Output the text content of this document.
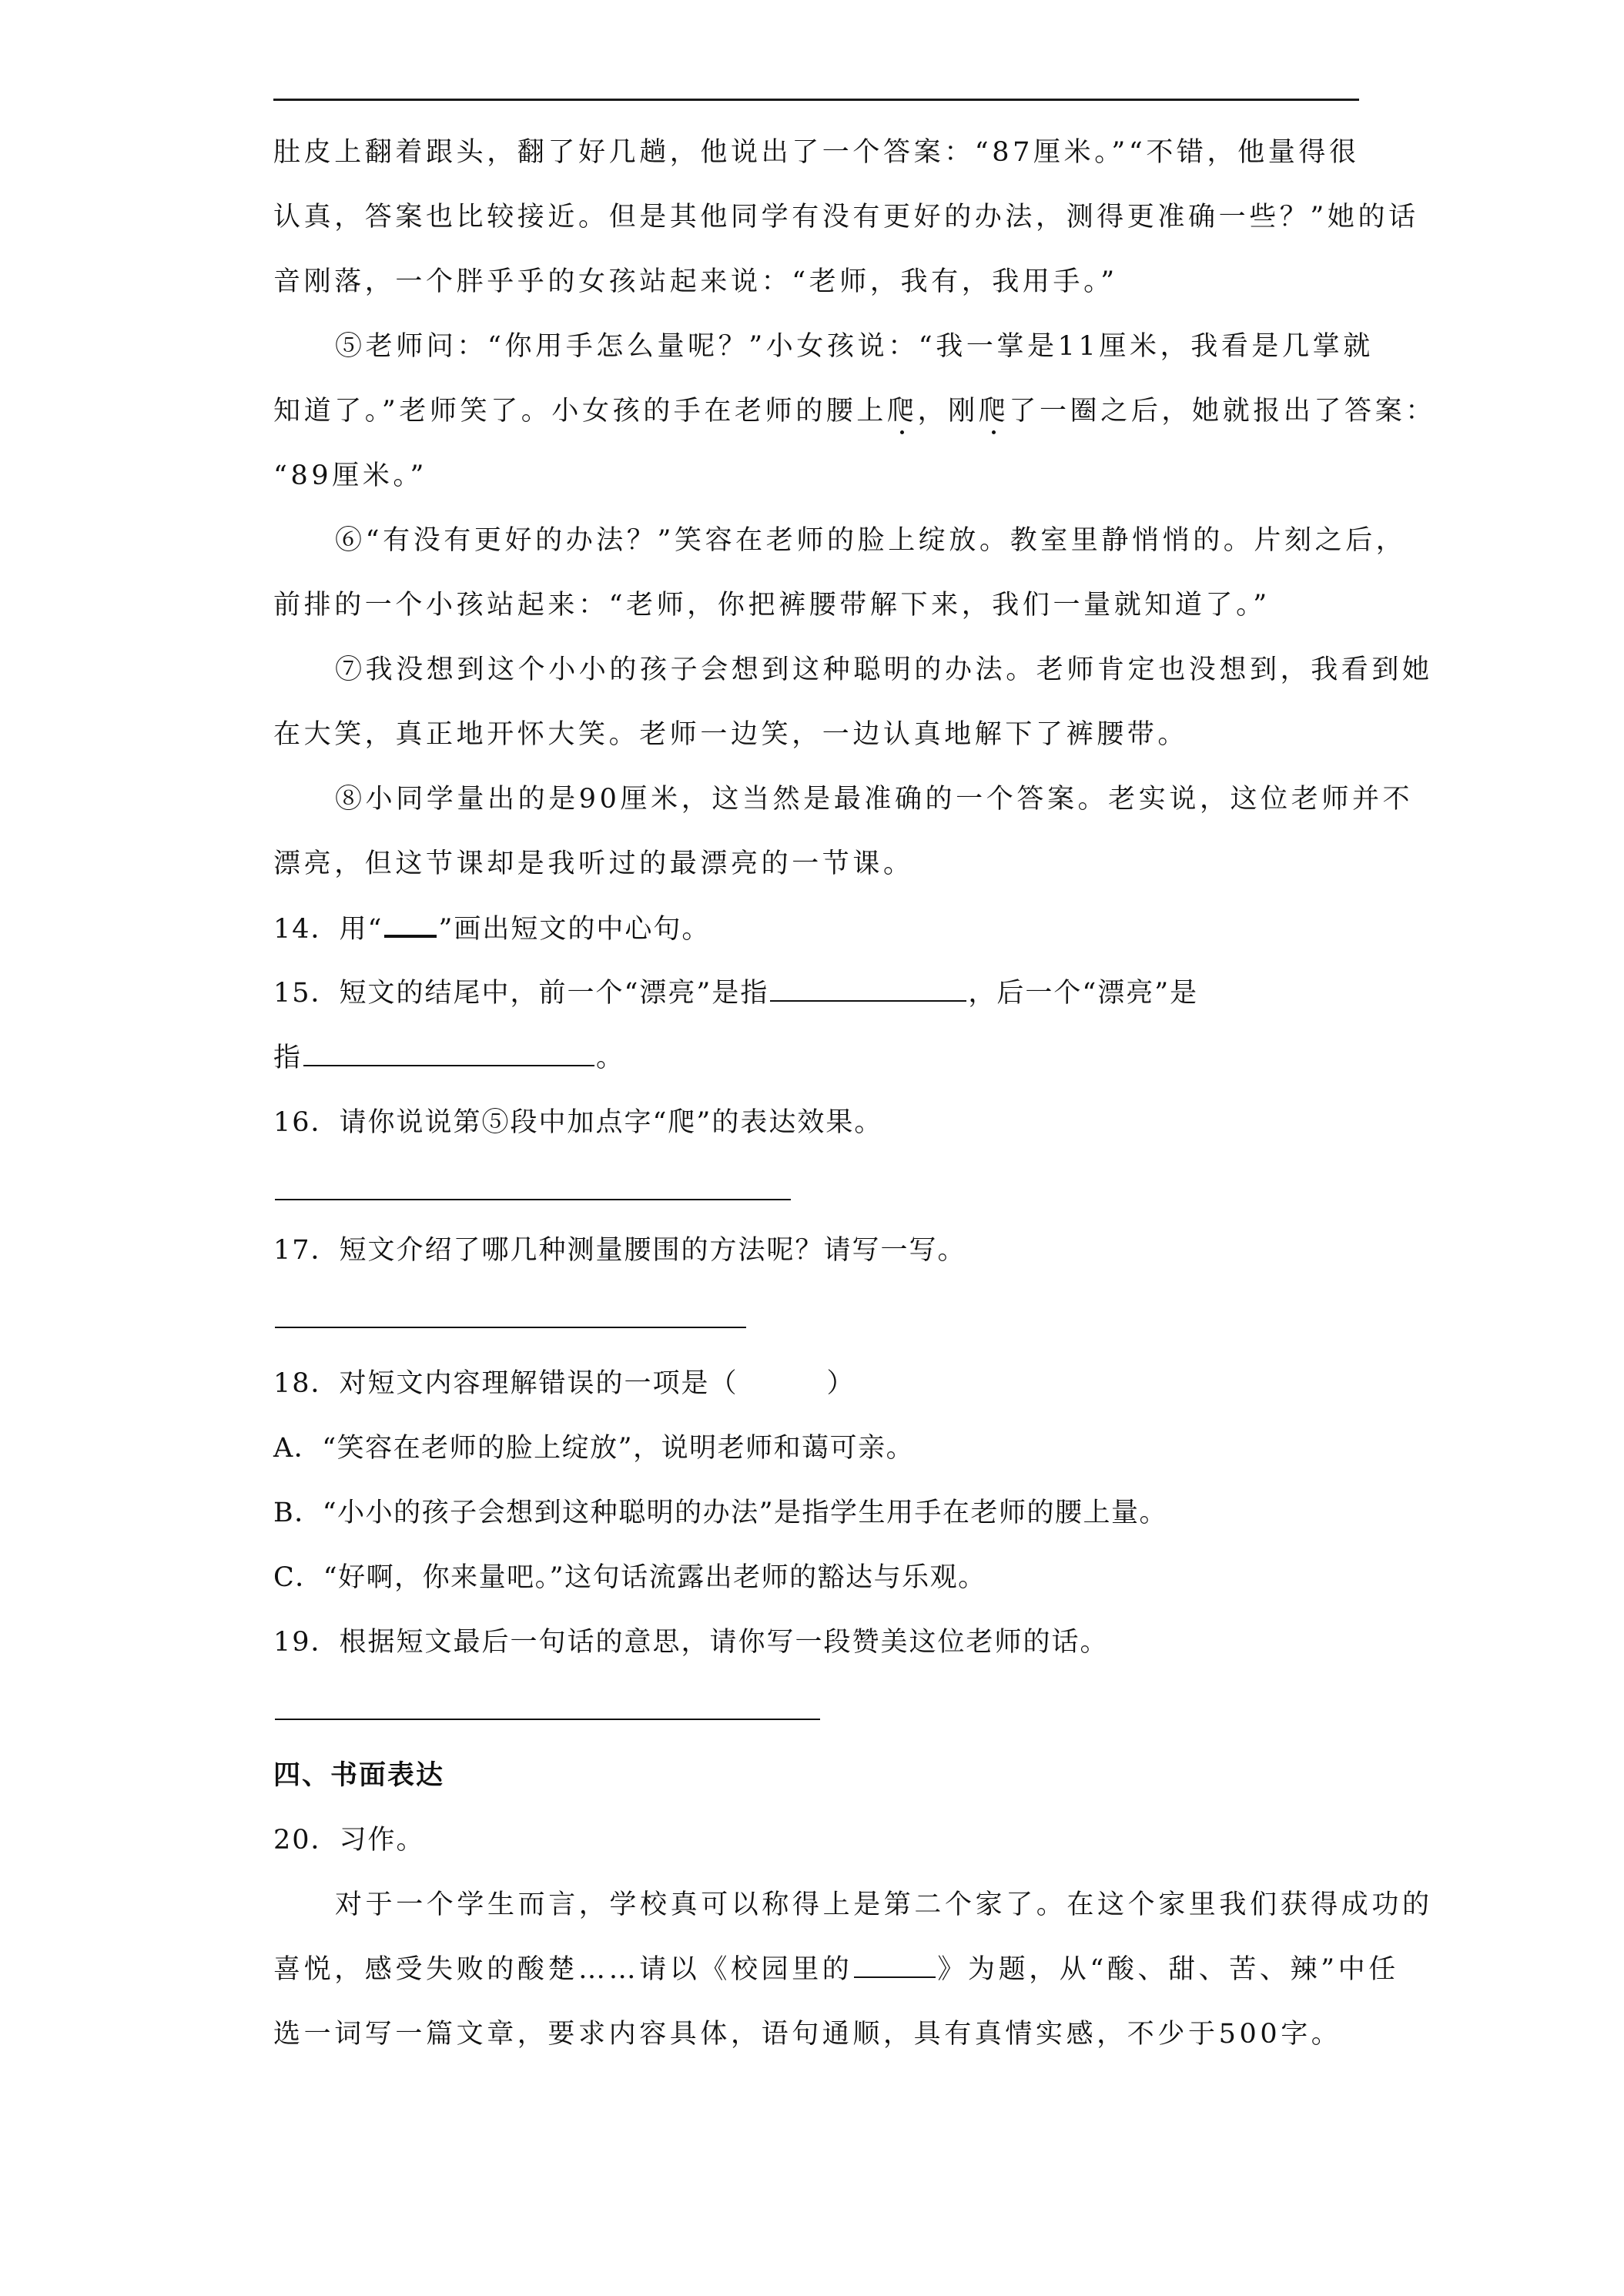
肚皮上翻着跟头，翻了好几趟，他说出了一个答案：“87厘米。”“不错，他量得很
认真，答案也比较接近。但是其他同学有没有更好的办法，测得更准确一些？”她的话
音刚落，一个胖乎乎的女孩站起来说：“老师，我有，我用手。”
⑤老师问：“你用手怎么量呢？”小女孩说：“我一掌是11厘米，我看是几掌就
知道了。”老师笑了。小女孩的手在老师的腰上爬，刚爬了一圈之后，她就报出了答案：
“89厘米。”
⑥“有没有更好的办法？”笑容在老师的脸上绽放。教室里静悄悄的。片刻之后，
前排的一个小孩站起来：“老师，你把裤腰带解下来，我们一量就知道了。”
⑦我没想到这个小小的孩子会想到这种聪明的办法。老师肯定也没想到，我看到她
在大笑，真正地开怀大笑。老师一边笑，一边认真地解下了裤腰带。
⑧小同学量出的是90厘米，这当然是最准确的一个答案。老实说，这位老师并不
漂亮，但这节课却是我听过的最漂亮的一节课。
14．用“ ”画出短文的中心句。
15．短文的结尾中，前一个“漂亮”是指	，后一个“漂亮”是
指	。
16．请你说说第⑤段中加点字“爬”的表达效果。
17．短文介绍了哪几种测量腰围的方法呢？请写一写。
18．对短文内容理解错误的一项是（	）
A．“笑容在老师的脸上绽放”，说明老师和蔼可亲。
B．“小小的孩子会想到这种聪明的办法”是指学生用手在老师的腰上量。
C．“好啊，你来量吧。”这句话流露出老师的豁达与乐观。
19．根据短文最后一句话的意思，请你写一段赞美这位老师的话。
四、书面表达
20．习作。
对于一个学生而言，学校真可以称得上是第二个家了。在这个家里我们获得成功的
喜悦，感受失败的酸楚……请以《校园里的	》为题，从“酸、甜、苦、辣”中任
选一词写一篇文章，要求内容具体，语句通顺，具有真情实感，不少于500字。
